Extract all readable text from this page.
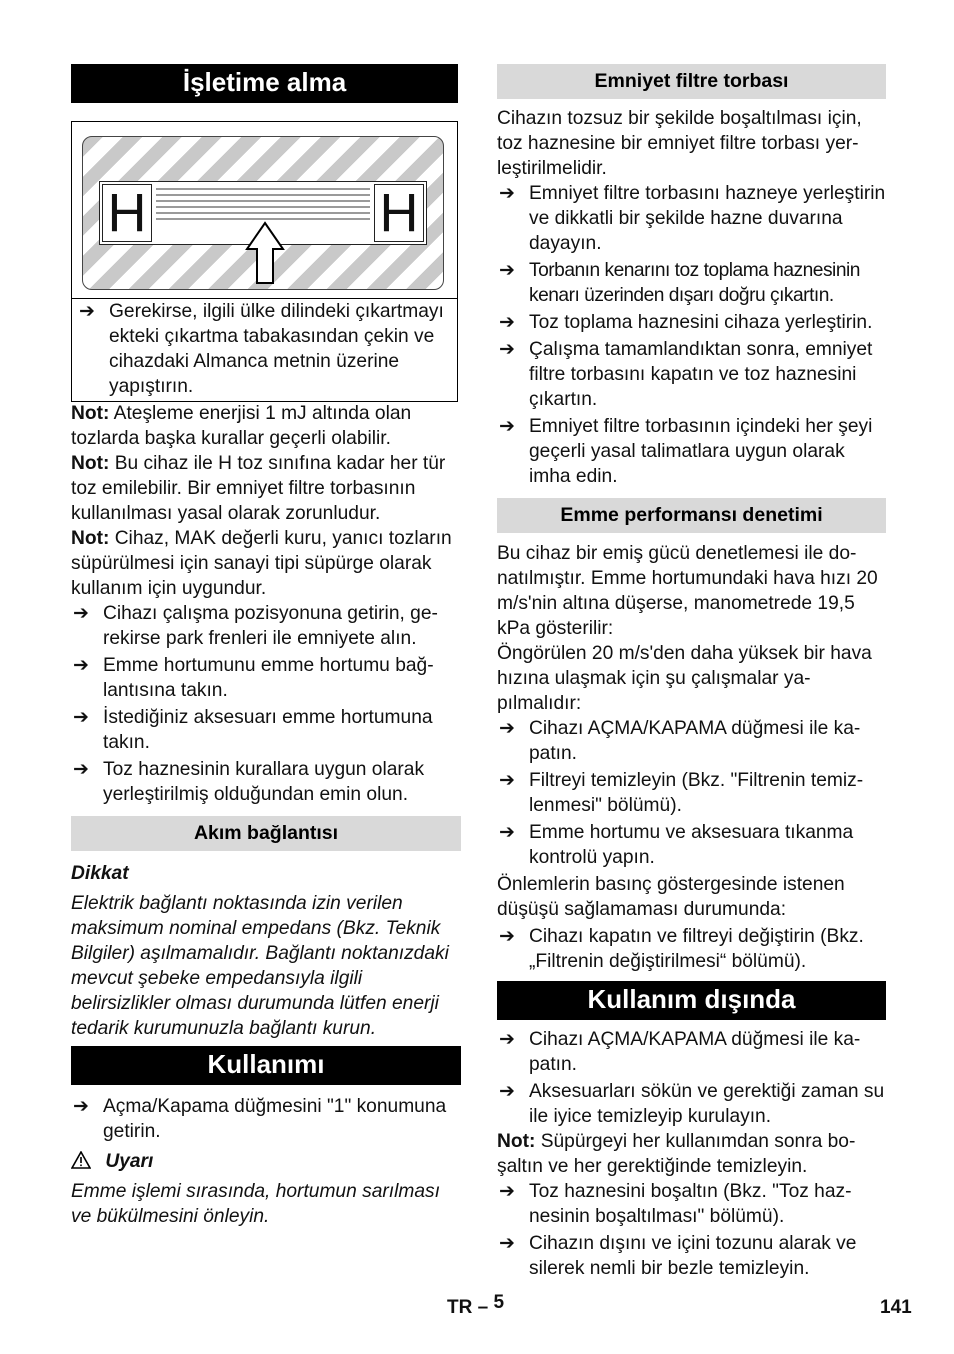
İşletime alma
H	H
➔ Gerekirse, ilgili ülke dilindeki çıkartmayı ekteki çıkartma tabakasından çekin ve cihazdaki Almanca metnin üzerine yapıştırın.

Not: Ateşleme enerjisi 1 mJ altında olan tozlarda başka kurallar geçerli olabilir.

Not: Bu cihaz ile H toz sınıfına kadar her tür toz emilebilir. Bir emniyet filtre torbasının kullanılması yasal olarak zorunludur.

Not: Cihaz, MAK değerli kuru, yanıcı tozların süpürülmesi için sanayi tipi süpürge olarak kullanım için uygundur.

➔ Cihazı çalışma pozisyonuna getirin, gerekirse park frenleri ile emniyete alın.
➔ Emme hortumunu emme hortumu bağlantısına takın.
➔ İstediğiniz aksesuarı emme hortumuna takın.
➔ Toz haznesinin kurallara uygun olarak yerleştirilmiş olduğundan emin olun.
Akım bağlantısı

Dikkat

Elektrik bağlantı noktasında izin verilen maksimum nominal empedans (Bkz. Teknik Bilgiler) aşılmamalıdır. Bağlantı noktanızdaki mevcut şebeke empedansıyla ilgili belirsizlikler olması durumunda lütfen enerji tedarik kurumunuzla bağlantı kurun.

Kullanımı
➔ Açma/Kapama düğmesini "1" konumuna getirin.

Uyarı

Emme işlemi sırasında, hortumun sarılması ve bükülmesini önleyin.

Emniyet filtre torbası

Cihazın tozsuz bir şekilde boşaltılması için, toz haznesine bir emniyet filtre torbası yerleştirilmelidir.

➔ Emniyet filtre torbasını hazneye yerleştirin ve dikkatli bir şekilde hazne duvarına dayayın.
➔ Torbanın kenarını toz toplama haznesinin kenarı üzerinden dışarı doğru çıkartın.
➔ Toz toplama haznesini cihaza yerleştirin.
➔ Çalışma tamamlandıktan sonra, emniyet filtre torbasını kapatın ve toz haznesini çıkartın.
➔ Emniyet filtre torbasının içindeki her şeyi geçerli yasal talimatlara uygun olarak imha edin.
Emme performansı denetimi

Bu cihaz bir emiş gücü denetlemesi ile donatılmıştır. Emme hortumundaki hava hızı 20 m/s'nin altına düşerse, manometrede 19,5 kPa gösterilir:

Öngörülen 20 m/s'den daha yüksek bir hava hızına ulaşmak için şu çalışmalar yapılmalıdır:

➔ Cihazı AÇMA/KAPAMA düğmesi ile kapatın.
➔ Filtreyi temizleyin (Bkz. "Filtrenin temizlenmesi" bölümü).
➔ Emme hortumu ve aksesuara tıkanma kontrolü yapın.

Önlemlerin basınç göstergesinde istenen düşüşü sağlamaması durumunda:

➔ Cihazı kapatın ve filtreyi değiştirin (Bkz. „Filtrenin değiştirilmesi“ bölümü).
Kullanım dışında
➔ Cihazı AÇMA/KAPAMA düğmesi ile kapatın.
➔ Aksesuarları sökün ve gerektiği zaman su ile iyice temizleyip kurulayın.

Not: Süpürgeyi her kullanımdan sonra boşaltın ve her gerektiğinde temizleyin.

➔ Toz haznesini boşaltın (Bkz. "Toz haznesinin boşaltılması" bölümü).
➔ Cihazın dışını ve içini tozunu alarak ve silerek nemli bir bezle temizleyin.
TR – 5	141
